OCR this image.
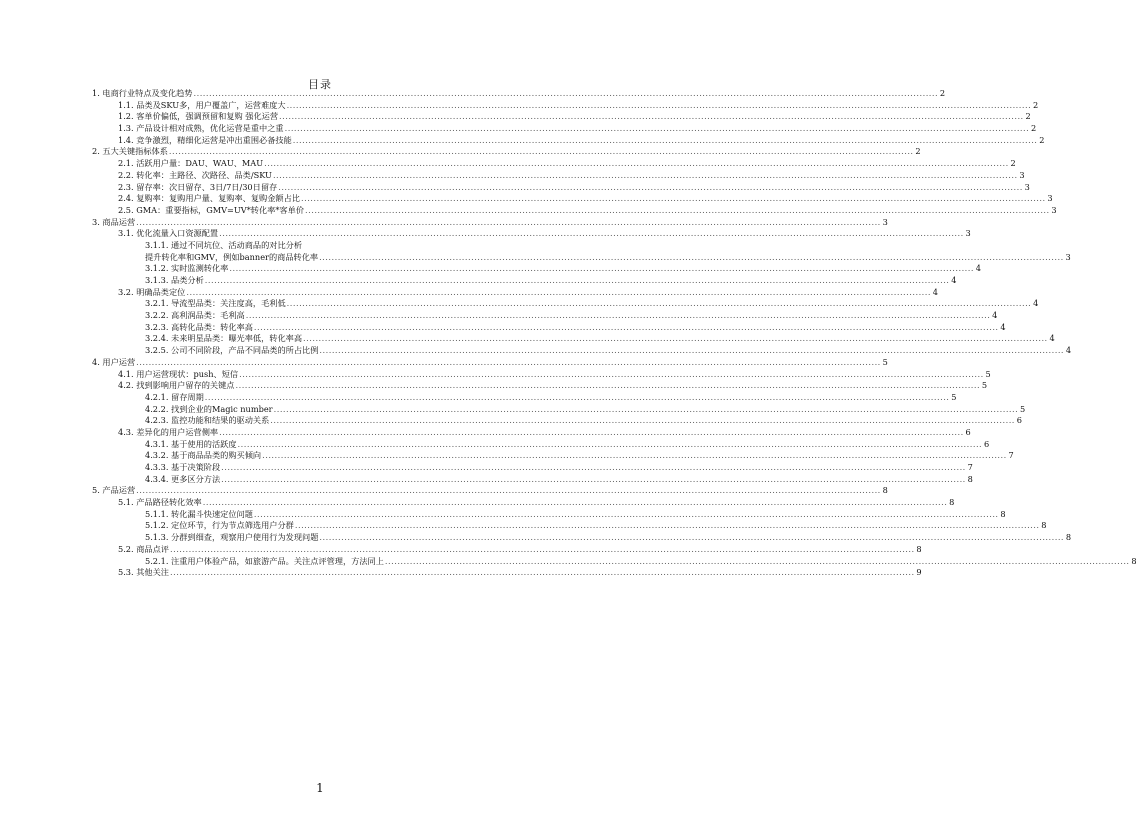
目录
1. 电商行业特点及变化趋势 .....	2
1.1. 品类及SKU多，用户覆盖广，运营难度大 .....	2
1.2. 客单价偏低，强调预留和复购 强化运营 .....	2
1.3. 产品设计相对成熟，优化运营是重中之重 .....	2
1.4. 竞争激烈，精细化运营是冲出重围必备技能 .....	2
2. 五大关键指标体系 .....	2
2.1. 活跃用户量：DAU、WAU、MAU .....	2
2.2. 转化率：主路径、次路径、品类/SKU .....	3
2.3. 留存率：次日留存、3日/7日/30日留存 .....	3
2.4. 复购率：复购用户量、复购率、复购金额占比 .....	3
2.5. GMA：重要指标，GMV=UV*转化率*客单价 .....	3
3. 商品运营 .....	3
3.1. 优化流量入口资源配置 .....	3
3.1.1. 通过不同坑位、活动商品的对比分析
提升转化率和GMV，例如banner的商品转化率 .....	3
3.1.2. 实时监测转化率 .....	4
3.1.3. 品类分析 .....	4
3.2. 明确品类定位 .....	4
3.2.1. 导流型品类：关注度高，毛利低 .....	4
3.2.2. 高利润品类：毛利高 .....	4
3.2.3. 高转化品类：转化率高 .....	4
3.2.4. 未来明星品类：曝光率低，转化率高 .....	4
3.2.5. 公司不同阶段，产品不同品类的所占比例 .....	4
4. 用户运营 .....	5
4.1. 用户运营现状：push、短信 .....	5
4.2. 找到影响用户留存的关键点 .....	5
4.2.1. 留存周期 .....	5
4.2.2. 找到企业的Magic number .....	5
4.2.3. 监控功能和结果的驱动关系 .....	6
4.3. 差异化的用户运营侧率 .....	6
4.3.1. 基于使用的活跃度 .....	6
4.3.2. 基于商品品类的购买倾向 .....	7
4.3.3. 基于决策阶段 .....	7
4.3.4. 更多区分方法 .....	8
5. 产品运营 .....	8
5.1. 产品路径转化效率 .....	8
5.1.1. 转化漏斗快速定位问题 .....	8
5.1.2. 定位环节，行为节点筛选用户分群 .....	8
5.1.3. 分群到细查，观察用户使用行为发现问题 .....	8
5.2. 商品点评 .....	8
5.2.1. 注重用户体验产品，如旅游产品。关注点评管理，方法同上 .....	8
5.3. 其他关注 .....	9
1
